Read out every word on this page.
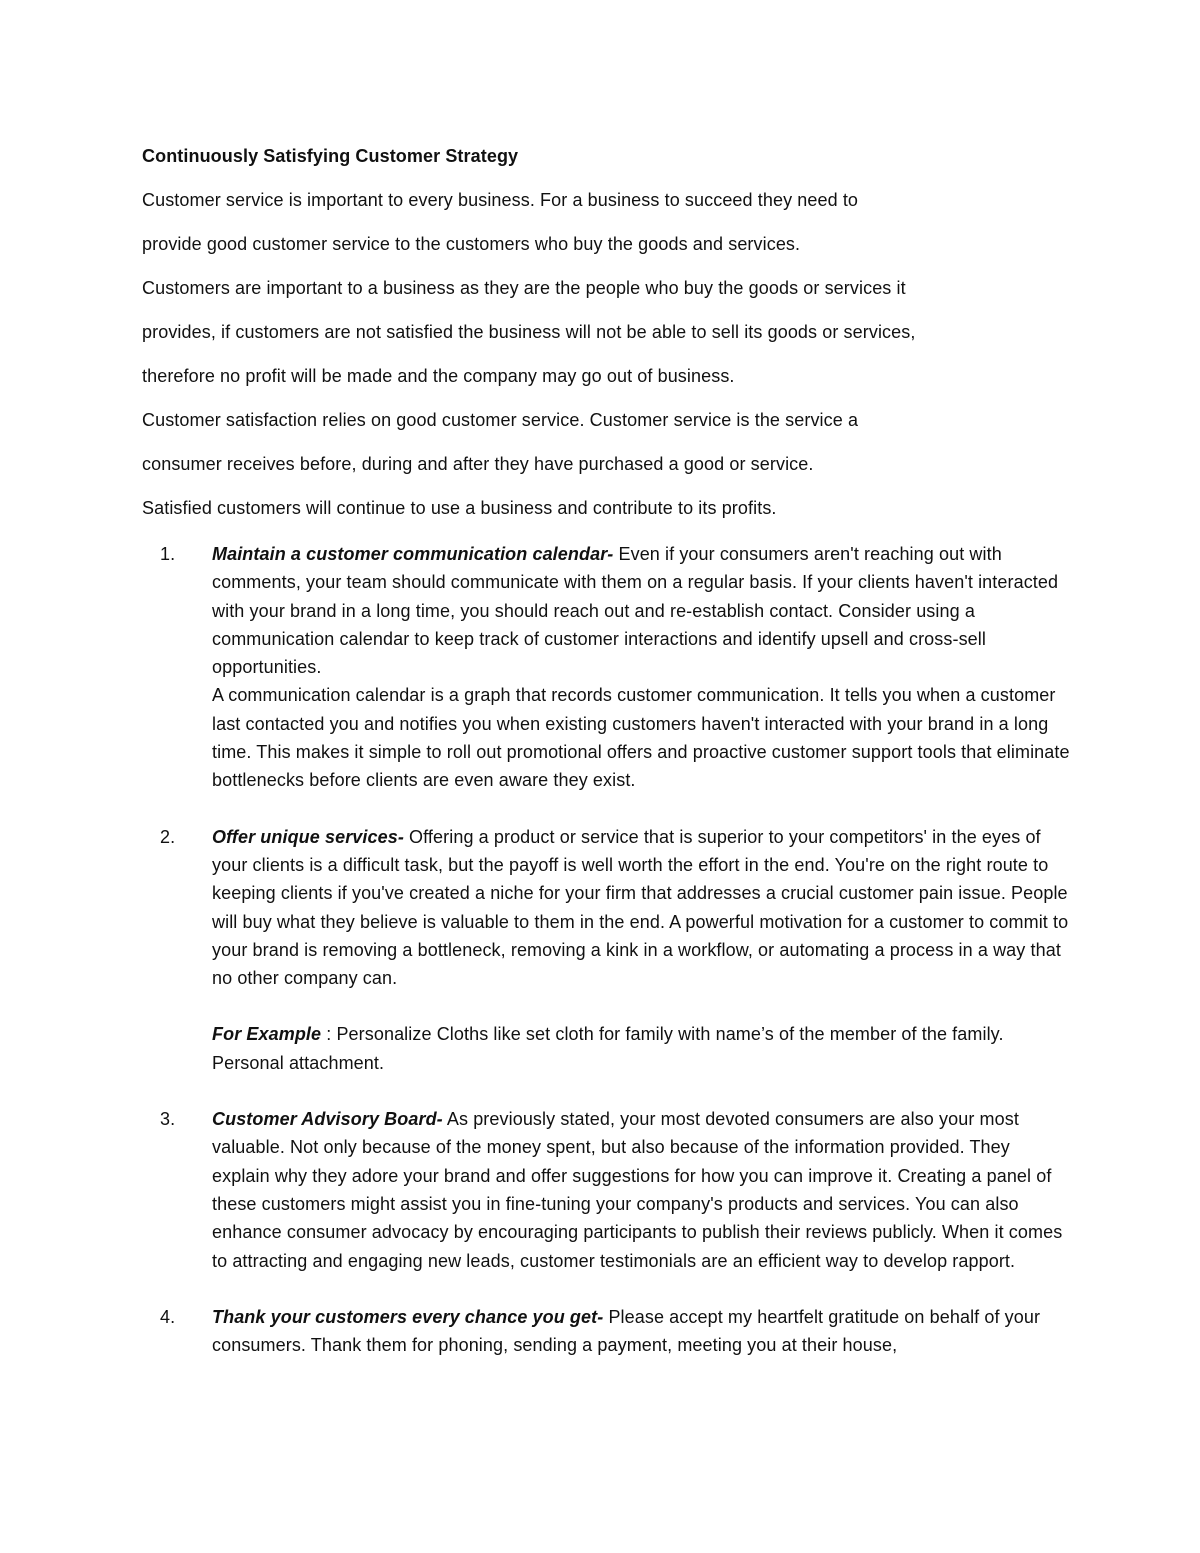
Continuously Satisfying Customer Strategy
Customer service is important to every business. For a business to succeed they need to
provide good customer service to the customers who buy the goods and services.
Customers are important to a business as they are the people who buy the goods or services it
provides, if customers are not satisfied the business will not be able to sell its goods or services,
therefore no profit will be made and the company may go out of business.
Customer satisfaction relies on good customer service. Customer service is the service a
consumer receives before, during and after they have purchased a good or service.
Satisfied customers will continue to use a business and contribute to its profits.
1. Maintain a customer communication calendar- Even if your consumers aren't reaching out with comments, your team should communicate with them on a regular basis. If your clients haven't interacted with your brand in a long time, you should reach out and re-establish contact. Consider using a communication calendar to keep track of customer interactions and identify upsell and cross-sell opportunities.
A communication calendar is a graph that records customer communication. It tells you when a customer last contacted you and notifies you when existing customers haven't interacted with your brand in a long time. This makes it simple to roll out promotional offers and proactive customer support tools that eliminate bottlenecks before clients are even aware they exist.
2. Offer unique services- Offering a product or service that is superior to your competitors' in the eyes of your clients is a difficult task, but the payoff is well worth the effort in the end. You're on the right route to keeping clients if you've created a niche for your firm that addresses a crucial customer pain issue. People will buy what they believe is valuable to them in the end. A powerful motivation for a customer to commit to your brand is removing a bottleneck, removing a kink in a workflow, or automating a process in a way that no other company can.
For Example : Personalize Cloths like set cloth for family with name’s of the member of the family. Personal attachment.
3. Customer Advisory Board- As previously stated, your most devoted consumers are also your most valuable. Not only because of the money spent, but also because of the information provided. They explain why they adore your brand and offer suggestions for how you can improve it. Creating a panel of these customers might assist you in fine-tuning your company's products and services. You can also enhance consumer advocacy by encouraging participants to publish their reviews publicly. When it comes to attracting and engaging new leads, customer testimonials are an efficient way to develop rapport.
4. Thank your customers every chance you get- Please accept my heartfelt gratitude on behalf of your consumers. Thank them for phoning, sending a payment, meeting you at their house,
